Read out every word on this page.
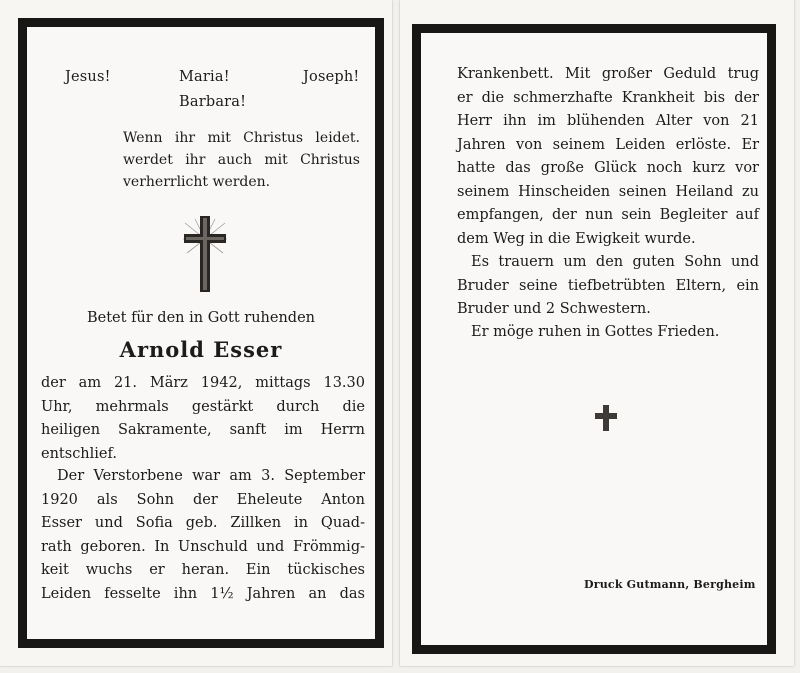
Jesus!	Maria!	Joseph!
Barbara!
Wenn ihr mit Christus leidet.
werdet ihr auch mit Christus
verherrlicht werden.
Betet für den in Gott ruhenden
Arnold Esser
der am 21. März 1942, mittags 13.30
Uhr, mehrmals gestärkt durch die
heiligen Sakramente, sanft im Herrn
entschlief.
Der Verstorbene war am 3. September
1920 als Sohn der Eheleute Anton
Esser und Sofia geb. Zillken in Quad-
rath geboren. In Unschuld und Frömmig-
keit wuchs er heran. Ein tückisches
Leiden fesselte ihn 1½ Jahren an das
Krankenbett. Mit großer Geduld trug
er die schmerzhafte Krankheit bis der
Herr ihn im blühenden Alter von 21
Jahren von seinem Leiden erlöste. Er
hatte das große Glück noch kurz vor
seinem Hinscheiden seinen Heiland zu
empfangen, der nun sein Begleiter auf
dem Weg in die Ewigkeit wurde.
Es trauern um den guten Sohn und
Bruder seine tiefbetrübten Eltern, ein
Bruder und 2 Schwestern.
Er möge ruhen in Gottes Frieden.
Druck Gutmann, Bergheim
